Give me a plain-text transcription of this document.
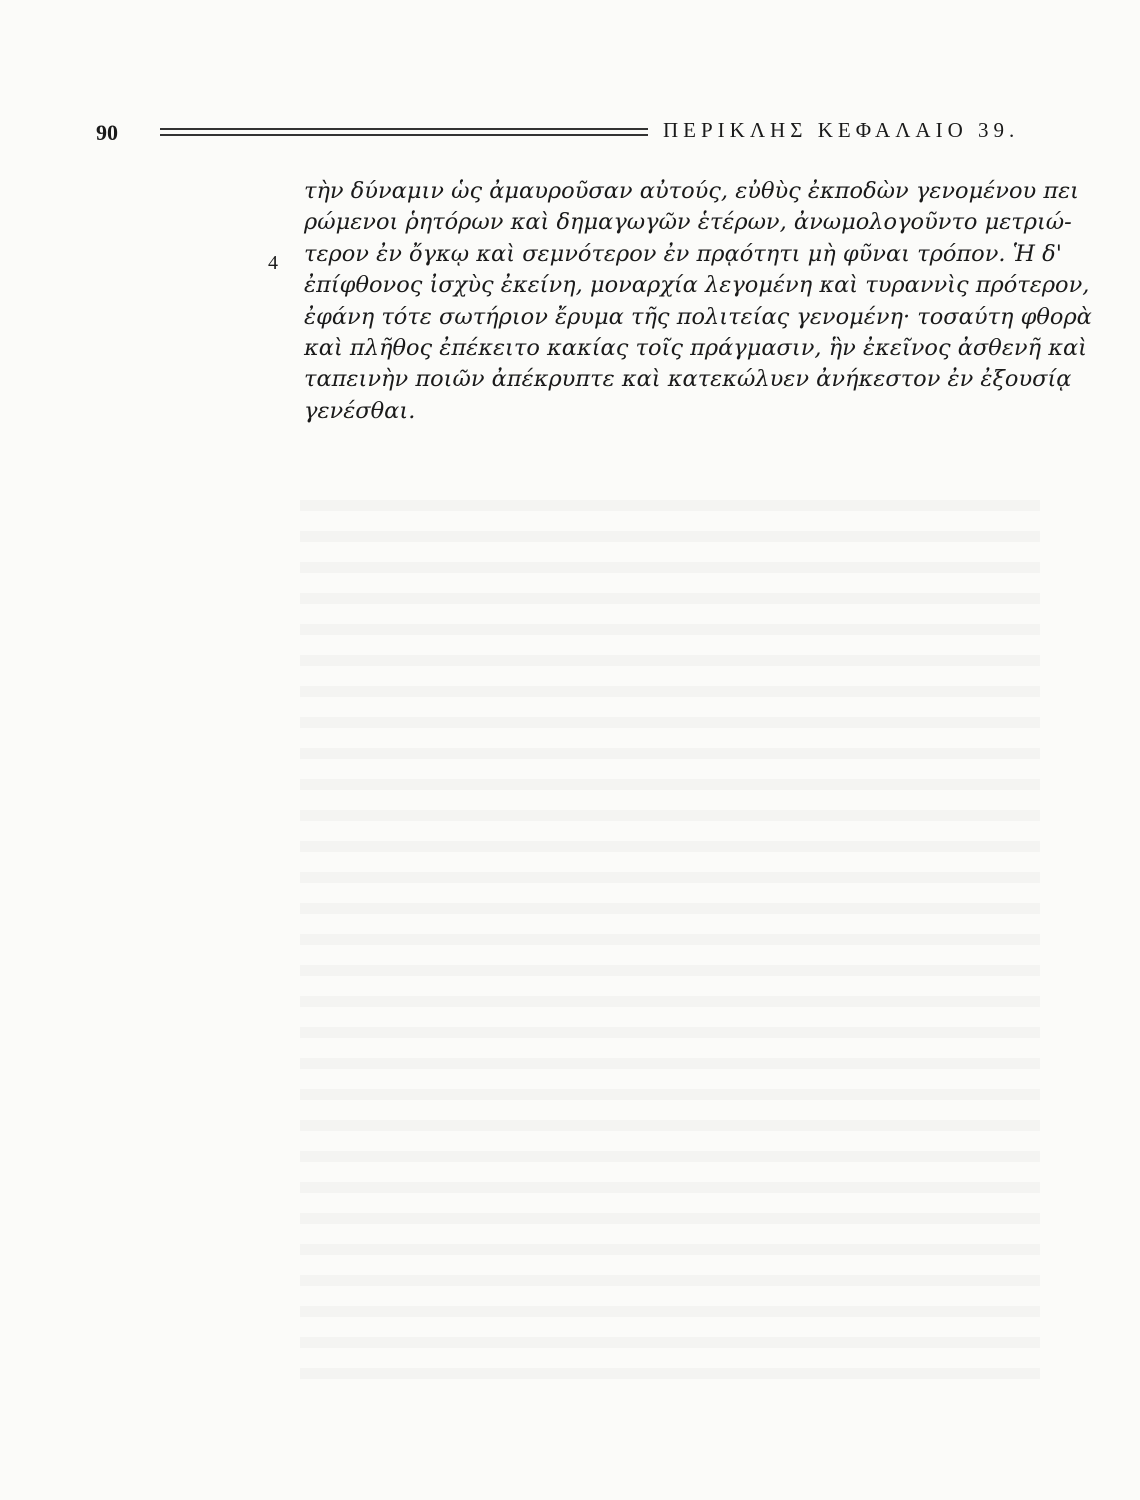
90	ΠΕΡΙΚΛΗΣ ΚΕΦΑΛΑΙΟ 39.
4

τὴν δύναμιν ὡς ἀμαυροῦσαν αὐτούς, εὐθὺς ἐκποδὼν γενομένου πει

ρώμενοι ῥητόρων καὶ δημαγωγῶν ἑτέρων, ἀνωμολογοῦντο μετριώ-

τερον ἐν ὄγκῳ καὶ σεμνότερον ἐν πρᾳότητι μὴ φῦναι τρόπον. Ἡ δ'

ἐπίφθονος ἰσχὺς ἐκείνη, μοναρχία λεγομένη καὶ τυραννὶς πρότερον,

ἐφάνη τότε σωτήριον ἔρυμα τῆς πολιτείας γενομένη· τοσαύτη φθορὰ

καὶ πλῆθος ἐπέκειτο κακίας τοῖς πράγμασιν, ἣν ἐκεῖνος ἀσθενῆ καὶ

ταπεινὴν ποιῶν ἀπέκρυπτε καὶ κατεκώλυεν ἀνήκεστον ἐν ἐξουσίᾳ

γενέσθαι.
